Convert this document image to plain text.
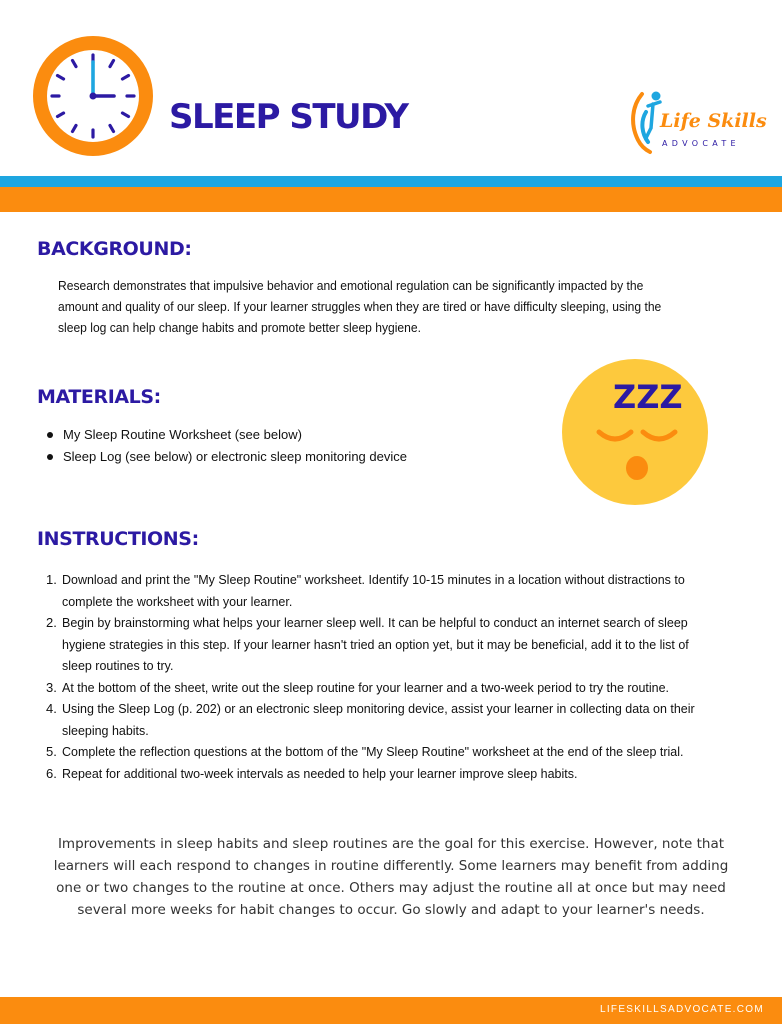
SLEEP STUDY	Life Skills
ADVOCATE
BACKGROUND:

Research demonstrates that impulsive behavior and emotional regulation can be significantly impacted by the amount and quality of our sleep. If your learner struggles when they are tired or have difficulty sleeping, using the sleep log can help change habits and promote better sleep hygiene.

MATERIALS:
My Sleep Routine Worksheet (see below)
Sleep Log (see below) or electronic sleep monitoring device
ZZZ
INSTRUCTIONS:
1. Download and print the "My Sleep Routine" worksheet. Identify 10-15 minutes in a location without distractions to complete the worksheet with your learner.
2. Begin by brainstorming what helps your learner sleep well. It can be helpful to conduct an internet search of sleep hygiene strategies in this step. If your learner hasn't tried an option yet, but it may be beneficial, add it to the list of sleep routines to try.
3. At the bottom of the sheet, write out the sleep routine for your learner and a two-week period to try the routine.
4. Using the Sleep Log (p. 202) or an electronic sleep monitoring device, assist your learner in collecting data on their sleeping habits.
5. Complete the reflection questions at the bottom of the "My Sleep Routine" worksheet at the end of the sleep trial.
6. Repeat for additional two-week intervals as needed to help your learner improve sleep habits.

Improvements in sleep habits and sleep routines are the goal for this exercise. However, note that learners will each respond to changes in routine differently. Some learners may benefit from adding one or two changes to the routine at once. Others may adjust the routine all at once but may need several more weeks for habit changes to occur. Go slowly and adapt to your learner's needs.

LIFESKILLSADVOCATE.COM
